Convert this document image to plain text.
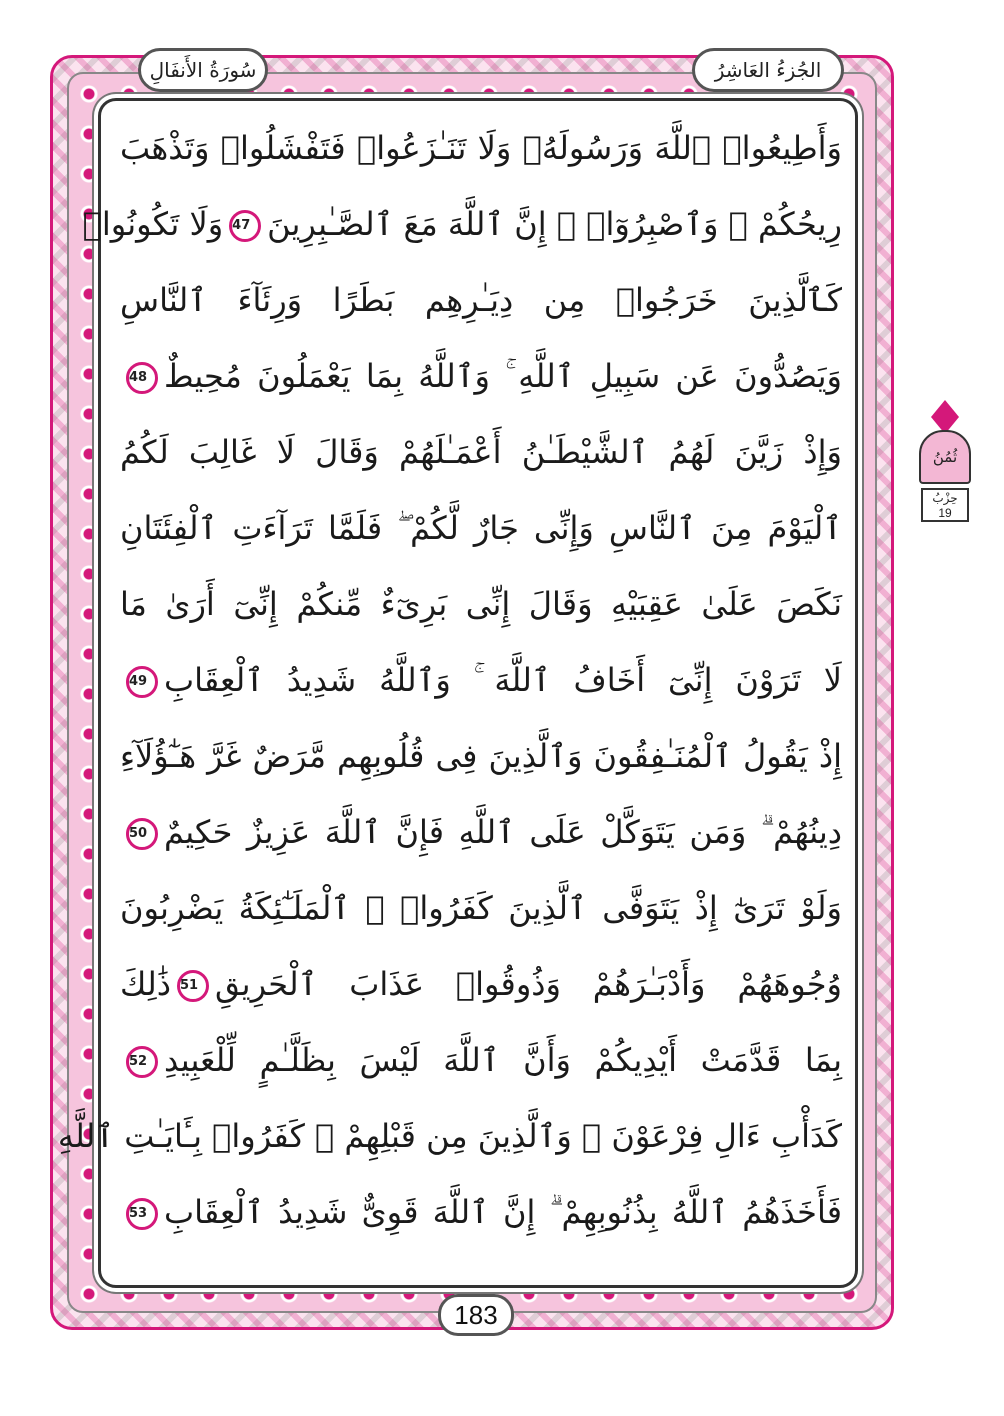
الجُزءُ العَاشِرُ
سُورَةُ الأَنفَالِ
ثُمُنُ
حِزْبُ
19
وَأَطِيعُوا۟ ٱللَّهَ وَرَسُولَهُۥ وَلَا تَنَـٰزَعُوا۟ فَتَفْشَلُوا۟ وَتَذْهَبَ
رِيحُكُمْ ۖ وَٱصْبِرُوٓا۟ ۚ إِنَّ ٱللَّهَ مَعَ ٱلصَّـٰبِرِينَ47وَلَا تَكُونُوا۟
كَٱلَّذِينَ خَرَجُوا۟ مِن دِيَـٰرِهِم بَطَرًا وَرِئَآءَ ٱلنَّاسِ
وَيَصُدُّونَ عَن سَبِيلِ ٱللَّهِ ۚ وَٱللَّهُ بِمَا يَعْمَلُونَ مُحِيطٌ48
وَإِذْ زَيَّنَ لَهُمُ ٱلشَّيْطَـٰنُ أَعْمَـٰلَهُمْ وَقَالَ لَا غَالِبَ لَكُمُ
ٱلْيَوْمَ مِنَ ٱلنَّاسِ وَإِنِّى جَارٌ لَّكُمْ ۖ فَلَمَّا تَرَآءَتِ ٱلْفِئَتَانِ
نَكَصَ عَلَىٰ عَقِبَيْهِ وَقَالَ إِنِّى بَرِىٓءٌ مِّنكُمْ إِنِّىٓ أَرَىٰ مَا
لَا تَرَوْنَ إِنِّىٓ أَخَافُ ٱللَّهَ ۚ وَٱللَّهُ شَدِيدُ ٱلْعِقَابِ49
إِذْ يَقُولُ ٱلْمُنَـٰفِقُونَ وَٱلَّذِينَ فِى قُلُوبِهِم مَّرَضٌ غَرَّ هَـٰٓؤُلَآءِ
دِينُهُمْ ۗ وَمَن يَتَوَكَّلْ عَلَى ٱللَّهِ فَإِنَّ ٱللَّهَ عَزِيزٌ حَكِيمٌ50
وَلَوْ تَرَىٰٓ إِذْ يَتَوَفَّى ٱلَّذِينَ كَفَرُوا۟ ۙ ٱلْمَلَـٰٓئِكَةُ يَضْرِبُونَ
وُجُوهَهُمْ وَأَدْبَـٰرَهُمْ وَذُوقُوا۟ عَذَابَ ٱلْحَرِيقِ51ذَٰلِكَ
بِمَا قَدَّمَتْ أَيْدِيكُمْ وَأَنَّ ٱللَّهَ لَيْسَ بِظَلَّـٰمٍ لِّلْعَبِيدِ52
كَدَأْبِ ءَالِ فِرْعَوْنَ ۙ وَٱلَّذِينَ مِن قَبْلِهِمْ ۚ كَفَرُوا۟ بِـَٔايَـٰتِ ٱللَّهِ
فَأَخَذَهُمُ ٱللَّهُ بِذُنُوبِهِمْ ۗ إِنَّ ٱللَّهَ قَوِىٌّ شَدِيدُ ٱلْعِقَابِ53
183
